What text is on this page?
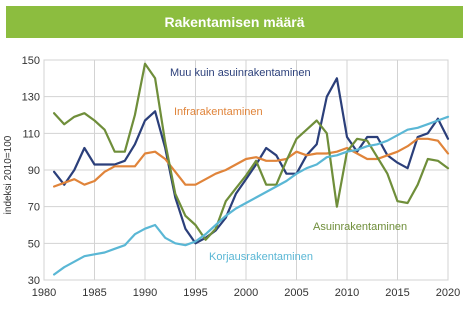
Rakentamisen määrä
30
50
70
90
110
130
150
1980 1985 1990 1995 2000 2005 2010 2015 2020
Muu kuin asuinrakentaminen
Infrarakentaminen
Asuinrakentaminen
Korjausrakentaminen
indeksi 2010=100
